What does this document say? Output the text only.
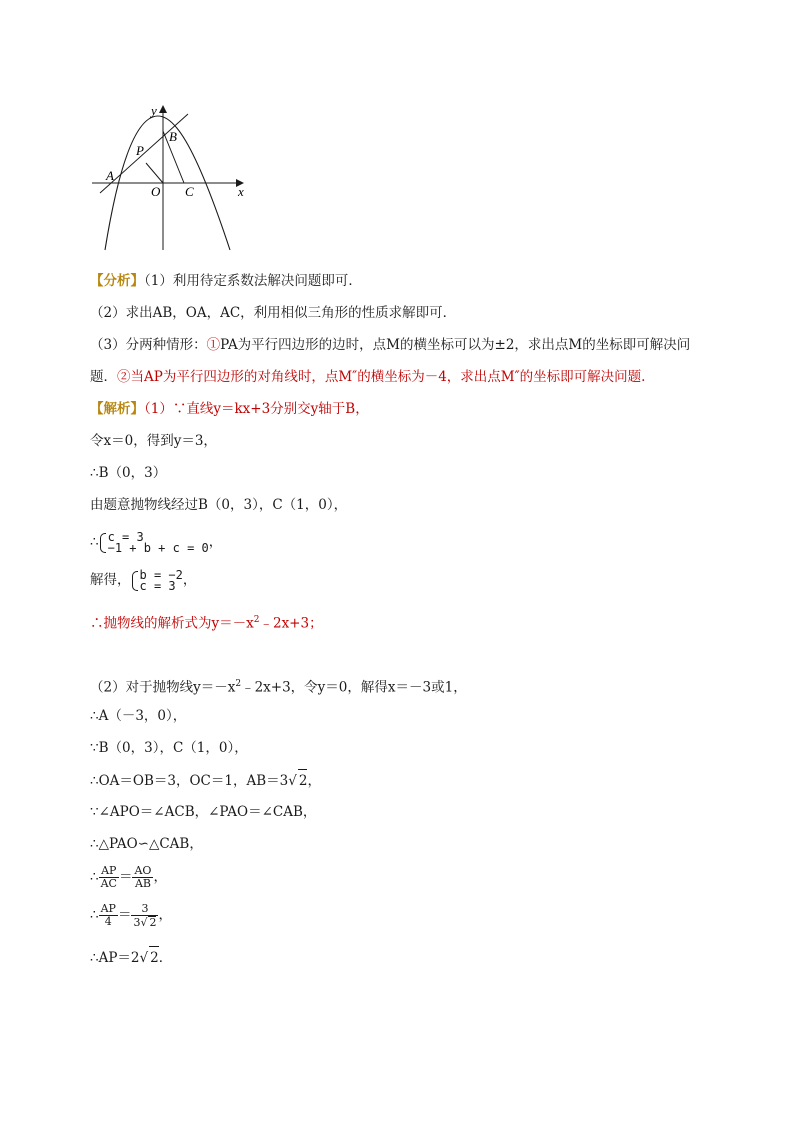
y
B
P
A
O C	x
【分析】（1）利用待定系数法解决问题即可．
（2）求出AB，OA，AC，利用相似三角形的性质求解即可．
（3）分两种情形：①PA为平行四边形的边时，点M的横坐标可以为±2，求出点M的坐标即可解决问
题．②当AP为平行四边形的对角线时，点M″的横坐标为－4，求出点M″的坐标即可解决问题.
【解析】（1）∵直线y＝kx+3分别交y轴于B，
令x＝0，得到y＝3，
∴B（0，3）
由题意抛物线经过B（0，3），C（1，0），
∴ c = 3
−1 + b + c = 0 ，
解得， b = −2
c = 3 ，
∴抛物线的解析式为$y=-x^2﹣2x+3$；
（2）对于抛物线$y=-x^2﹣2x+3$，令y＝0，解得x＝－3或1，
∴A（－3，0），
∵B（0，3），C（1，0），
∴OA＝OB＝3，OC＝1，AB＝3√ 2，
∵∠APO＝∠ACB，∠PAO＝∠CAB，
∴△PAO∽△CAB，
∴ $\frac{AP}{AC} = \frac{AO}{AB}$ ，
∴ $\frac{AP}{4} = \frac{3}{3√ 2}$ ，
∴AP＝2√ 2．
